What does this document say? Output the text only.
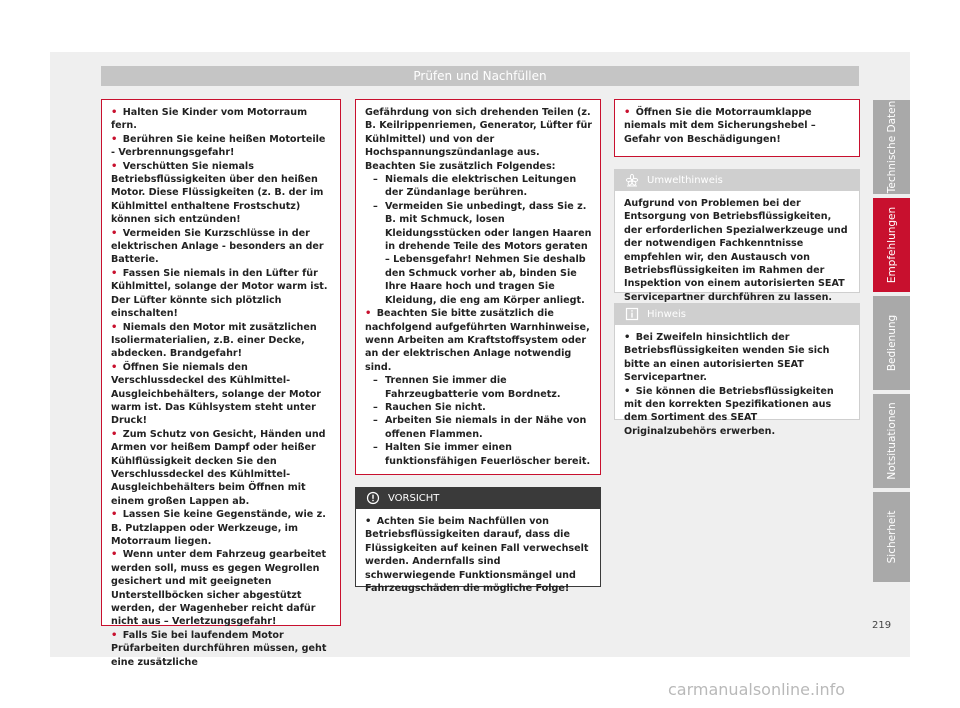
Prüfen und Nachfüllen
• Halten Sie Kinder vom Motorraum fern.
• Berühren Sie keine heißen Motorteile - Verbrennungsgefahr!
• Verschütten Sie niemals Betriebsflüssigkeiten über den heißen Motor. Diese Flüssigkeiten (z. B. der im Kühlmittel enthaltene Frostschutz) können sich entzünden!
• Vermeiden Sie Kurzschlüsse in der elektrischen Anlage - besonders an der Batterie.
• Fassen Sie niemals in den Lüfter für Kühlmittel, solange der Motor warm ist. Der Lüfter könnte sich plötzlich einschalten!
• Niemals den Motor mit zusätzlichen Isoliermaterialien, z.B. einer Decke, abdecken. Brandgefahr!
• Öffnen Sie niemals den Verschlussdeckel des Kühlmittel-Ausgleichbehälters, solange der Motor warm ist. Das Kühlsystem steht unter Druck!
• Zum Schutz von Gesicht, Händen und Armen vor heißem Dampf oder heißer Kühlflüssigkeit decken Sie den Verschlussdeckel des Kühlmittel-Ausgleichbehälters beim Öffnen mit einem großen Lappen ab.
• Lassen Sie keine Gegenstände, wie z. B. Putzlappen oder Werkzeuge, im Motorraum liegen.
• Wenn unter dem Fahrzeug gearbeitet werden soll, muss es gegen Wegrollen gesichert und mit geeigneten Unterstellböcken sicher abgestützt werden, der Wagenheber reicht dafür nicht aus – Verletzungsgefahr!
• Falls Sie bei laufendem Motor Prüfarbeiten durchführen müssen, geht eine zusätzliche
Gefährdung von sich drehenden Teilen (z. B. Keilrippenriemen, Generator, Lüfter für Kühlmittel) und von der Hochspannungszündanlage aus. Beachten Sie zusätzlich Folgendes:
– Niemals die elektrischen Leitungen der Zündanlage berühren.
– Vermeiden Sie unbedingt, dass Sie z. B. mit Schmuck, losen Kleidungsstücken oder langen Haaren in drehende Teile des Motors geraten – Lebensgefahr! Nehmen Sie deshalb den Schmuck vorher ab, binden Sie Ihre Haare hoch und tragen Sie Kleidung, die eng am Körper anliegt.
• Beachten Sie bitte zusätzlich die nachfolgend aufgeführten Warnhinweise, wenn Arbeiten am Kraftstoffsystem oder an der elektrischen Anlage notwendig sind.
– Trennen Sie immer die Fahrzeugbatterie vom Bordnetz.
– Rauchen Sie nicht.
– Arbeiten Sie niemals in der Nähe von offenen Flammen.
– Halten Sie immer einen funktionsfähigen Feuerlöscher bereit.
VORSICHT
• Achten Sie beim Nachfüllen von Betriebsflüssigkeiten darauf, dass die Flüssigkeiten auf keinen Fall verwechselt werden. Andernfalls sind schwerwiegende Funktionsmängel und Fahrzeugschäden die mögliche Folge!
• Öffnen Sie die Motorraumklappe niemals mit dem Sicherungshebel – Gefahr von Beschädigungen!
Umwelthinweis
Aufgrund von Problemen bei der Entsorgung von Betriebsflüssigkeiten, der erforderlichen Spezialwerkzeuge und der notwendigen Fachkenntnisse empfehlen wir, den Austausch von Betriebsflüssigkeiten im Rahmen der Inspektion von einem autorisierten SEAT Servicepartner durchführen zu lassen.
Hinweis
• Bei Zweifeln hinsichtlich der Betriebsflüssigkeiten wenden Sie sich bitte an einen autorisierten SEAT Servicepartner.
• Sie können die Betriebsflüssigkeiten mit den korrekten Spezifikationen aus dem Sortiment des SEAT Originalzubehörs erwerben.
Technische Daten
Empfehlungen
Bedienung
Notsituationen
Sicherheit
219
carmanualsonline.info
